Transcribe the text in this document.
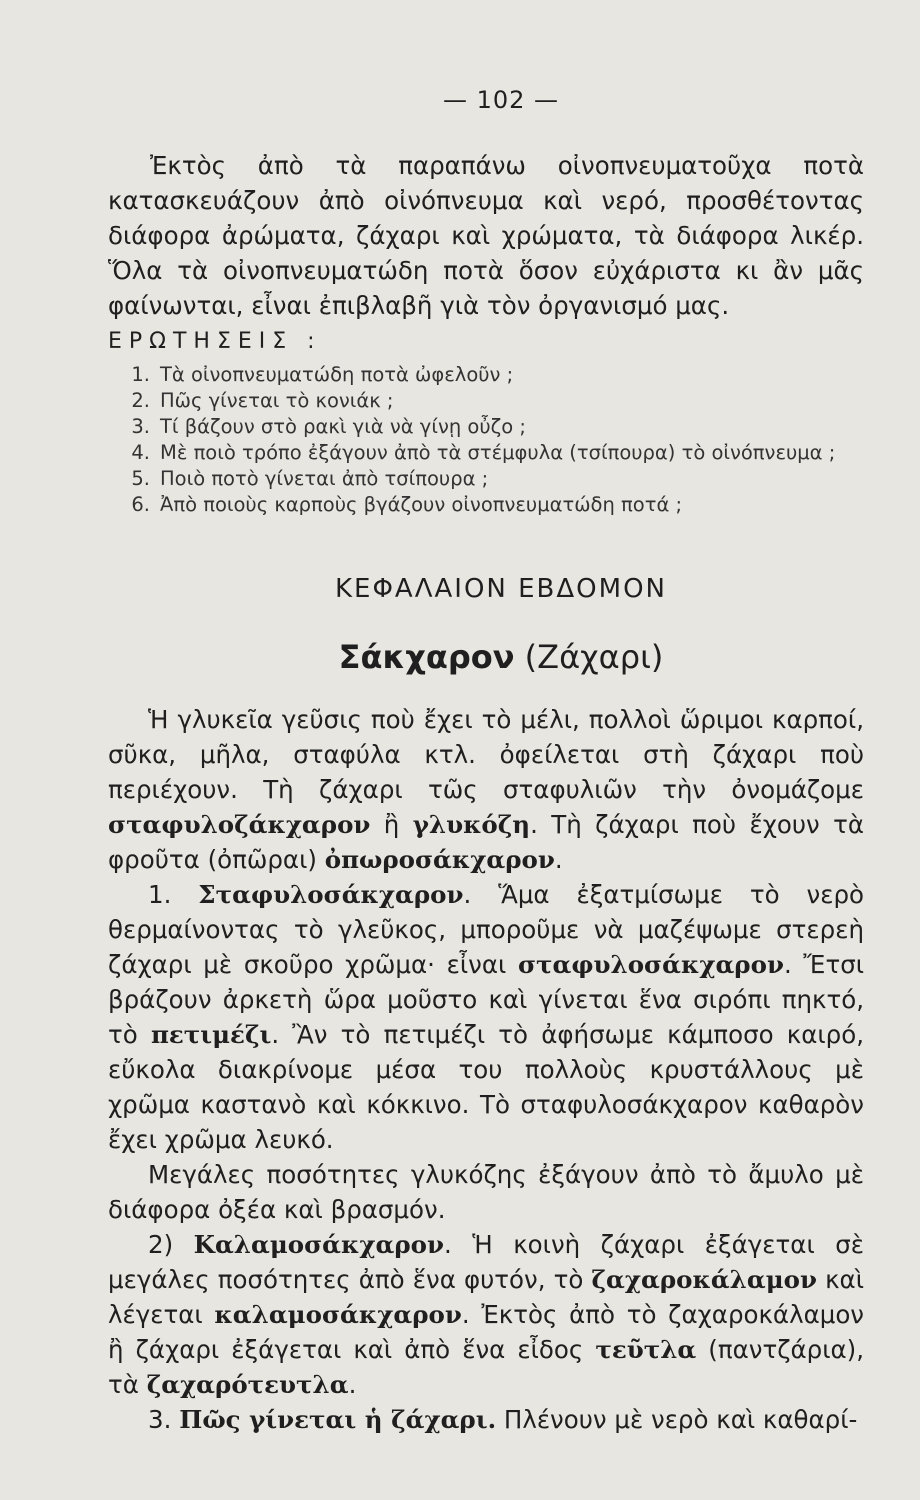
— 102 —

Ἐκτὸς ἀπὸ τὰ παραπάνω οἰνοπνευματοῦχα ποτὰ κατασκευάζουν ἀπὸ οἰνόπνευμα καὶ νερό, προσθέτοντας διάφορα ἀρώματα, ζάχαρι καὶ χρώματα, τὰ διάφορα λικέρ. Ὅλα τὰ οἰνοπνευματώδη ποτὰ ὅσον εὐχάριστα κι ἂν μᾶς φαίνωνται, εἶναι ἐπιβλαβῆ γιὰ τὸν ὀργανισμό μας.

ΕΡΩΤΗΣΕΙΣ :
1. Τὰ οἰνοπνευματώδη ποτὰ ὠφελοῦν ;
2. Πῶς γίνεται τὸ κονιάκ ;
3. Τί βάζουν στὸ ρακὶ γιὰ νὰ γίνῃ οὖζο ;
4. Μὲ ποιὸ τρόπο ἐξάγουν ἀπὸ τὰ στέμφυλα (τσίπουρα) τὸ οἰνόπνευμα ;
5. Ποιὸ ποτὸ γίνεται ἀπὸ τσίπουρα ;
6. Ἀπὸ ποιοὺς καρποὺς βγάζουν οἰνοπνευματώδη ποτά ;
ΚΕΦΑΛΑΙΟΝ ΕΒΔΟΜΟΝ
Σάκχαρον (Ζάχαρι)

Ἡ γλυκεῖα γεῦσις ποὺ ἔχει τὸ μέλι, πολλοὶ ὥριμοι καρποί, σῦκα, μῆλα, σταφύλα κτλ. ὀφείλεται στὴ ζάχαρι ποὺ περιέχουν. Τὴ ζάχαρι τῶς σταφυλιῶν τὴν ὀνομάζομε σταφυλοζάκχαρον ἢ γλυκόζη. Τὴ ζάχαρι ποὺ ἔχουν τὰ φροῦτα (ὀπῶραι) ὀπωροσάκχαρον.

1. Σταφυλοσάκχαρον. Ἅμα ἐξατμίσωμε τὸ νερὸ θερμαίνοντας τὸ γλεῦκος, μποροῦμε νὰ μαζέψωμε στερεὴ ζάχαρι μὲ σκοῦρο χρῶμα· εἶναι σταφυλοσάκχαρον. Ἔτσι βράζουν ἀρκετὴ ὥρα μοῦστο καὶ γίνεται ἕνα σιρόπι πηκτό, τὸ πετιμέζι. Ἂν τὸ πετιμέζι τὸ ἀφήσωμε κάμποσο καιρό, εὔκολα διακρίνομε μέσα του πολλοὺς κρυστάλλους μὲ χρῶμα καστανὸ καὶ κόκκινο. Τὸ σταφυλοσάκχαρον καθαρὸν ἔχει χρῶμα λευκό.

Μεγάλες ποσότητες γλυκόζης ἐξάγουν ἀπὸ τὸ ἄμυλο μὲ διάφορα ὀξέα καὶ βρασμόν.

2) Καλαμοσάκχαρον. Ἡ κοινὴ ζάχαρι ἐξάγεται σὲ μεγάλες ποσότητες ἀπὸ ἕνα φυτόν, τὸ ζαχαροκάλαμον καὶ λέγεται καλαμοσάκχαρον. Ἐκτὸς ἀπὸ τὸ ζαχαροκάλαμον ἢ ζάχαρι ἐξάγεται καὶ ἀπὸ ἕνα εἶδος τεῦτλα (παντζάρια), τὰ ζαχαρότευτλα.

3. Πῶς γίνεται ἡ ζάχαρι. Πλένουν μὲ νερὸ καὶ καθαρί-
